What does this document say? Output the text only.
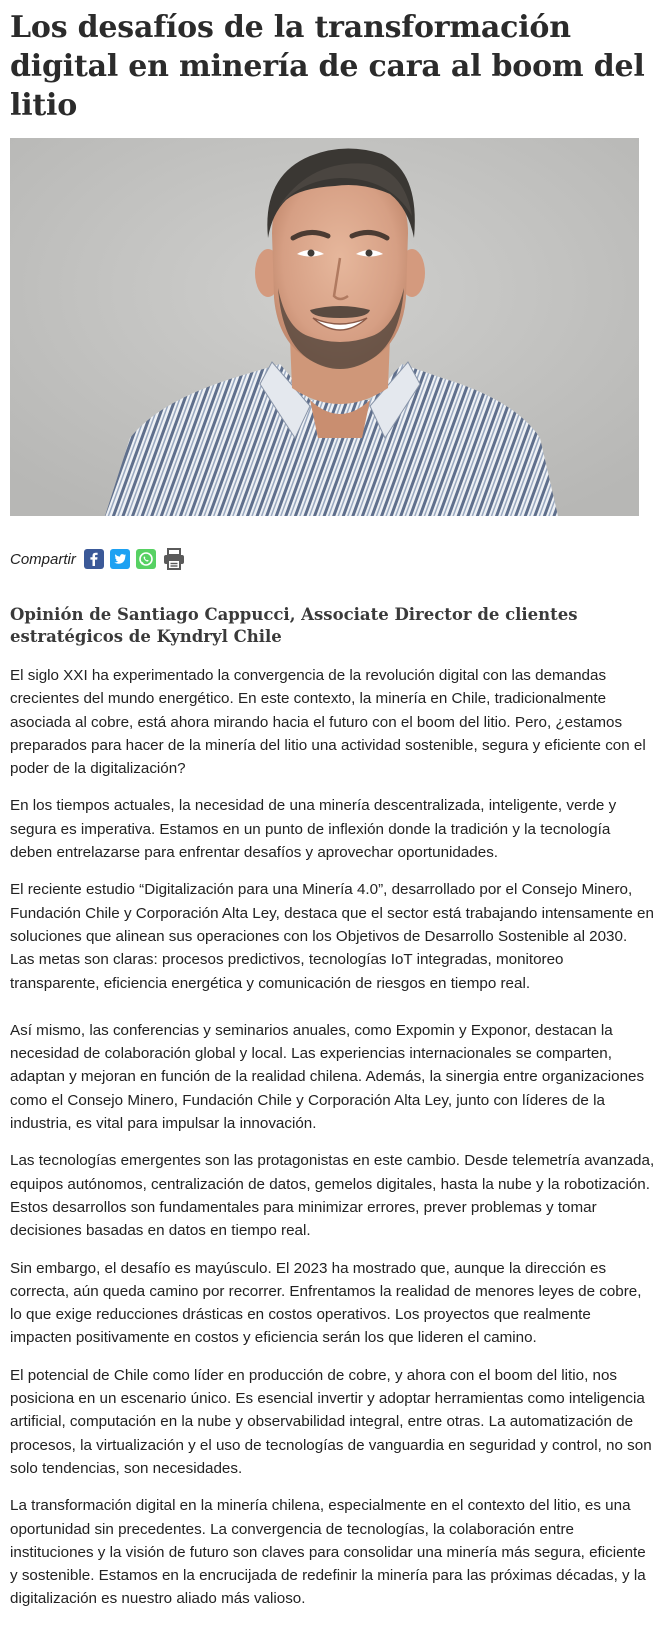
Los desafíos de la transformación digital en minería de cara al boom del litio
Compartir
Opinión de Santiago Cappucci, Associate Director de clientes estratégicos de Kyndryl Chile

El siglo XXI ha experimentado la convergencia de la revolución digital con las demandas crecientes del mundo energético. En este contexto, la minería en Chile, tradicionalmente asociada al cobre, está ahora mirando hacia el futuro con el boom del litio. Pero, ¿estamos preparados para hacer de la minería del litio una actividad sostenible, segura y eficiente con el poder de la digitalización?

En los tiempos actuales, la necesidad de una minería descentralizada, inteligente, verde y segura es imperativa. Estamos en un punto de inflexión donde la tradición y la tecnología deben entrelazarse para enfrentar desafíos y aprovechar oportunidades.

El reciente estudio “Digitalización para una Minería 4.0”, desarrollado por el Consejo Minero, Fundación Chile y Corporación Alta Ley, destaca que el sector está trabajando intensamente en soluciones que alinean sus operaciones con los Objetivos de Desarrollo Sostenible al 2030. Las metas son claras: procesos predictivos, tecnologías IoT integradas, monitoreo transparente, eficiencia energética y comunicación de riesgos en tiempo real.

Así mismo, las conferencias y seminarios anuales, como Expomin y Exponor, destacan la necesidad de colaboración global y local. Las experiencias internacionales se comparten, adaptan y mejoran en función de la realidad chilena. Además, la sinergia entre organizaciones como el Consejo Minero, Fundación Chile y Corporación Alta Ley, junto con líderes de la industria, es vital para impulsar la innovación.

Las tecnologías emergentes son las protagonistas en este cambio. Desde telemetría avanzada, equipos autónomos, centralización de datos, gemelos digitales, hasta la nube y la robotización. Estos desarrollos son fundamentales para minimizar errores, prever problemas y tomar decisiones basadas en datos en tiempo real.

Sin embargo, el desafío es mayúsculo. El 2023 ha mostrado que, aunque la dirección es correcta, aún queda camino por recorrer. Enfrentamos la realidad de menores leyes de cobre, lo que exige reducciones drásticas en costos operativos. Los proyectos que realmente impacten positivamente en costos y eficiencia serán los que lideren el camino.

El potencial de Chile como líder en producción de cobre, y ahora con el boom del litio, nos posiciona en un escenario único. Es esencial invertir y adoptar herramientas como inteligencia artificial, computación en la nube y observabilidad integral, entre otras. La automatización de procesos, la virtualización y el uso de tecnologías de vanguardia en seguridad y control, no son solo tendencias, son necesidades.

La transformación digital en la minería chilena, especialmente en el contexto del litio, es una oportunidad sin precedentes. La convergencia de tecnologías, la colaboración entre instituciones y la visión de futuro son claves para consolidar una minería más segura, eficiente y sostenible. Estamos en la encrucijada de redefinir la minería para las próximas décadas, y la digitalización es nuestro aliado más valioso.
